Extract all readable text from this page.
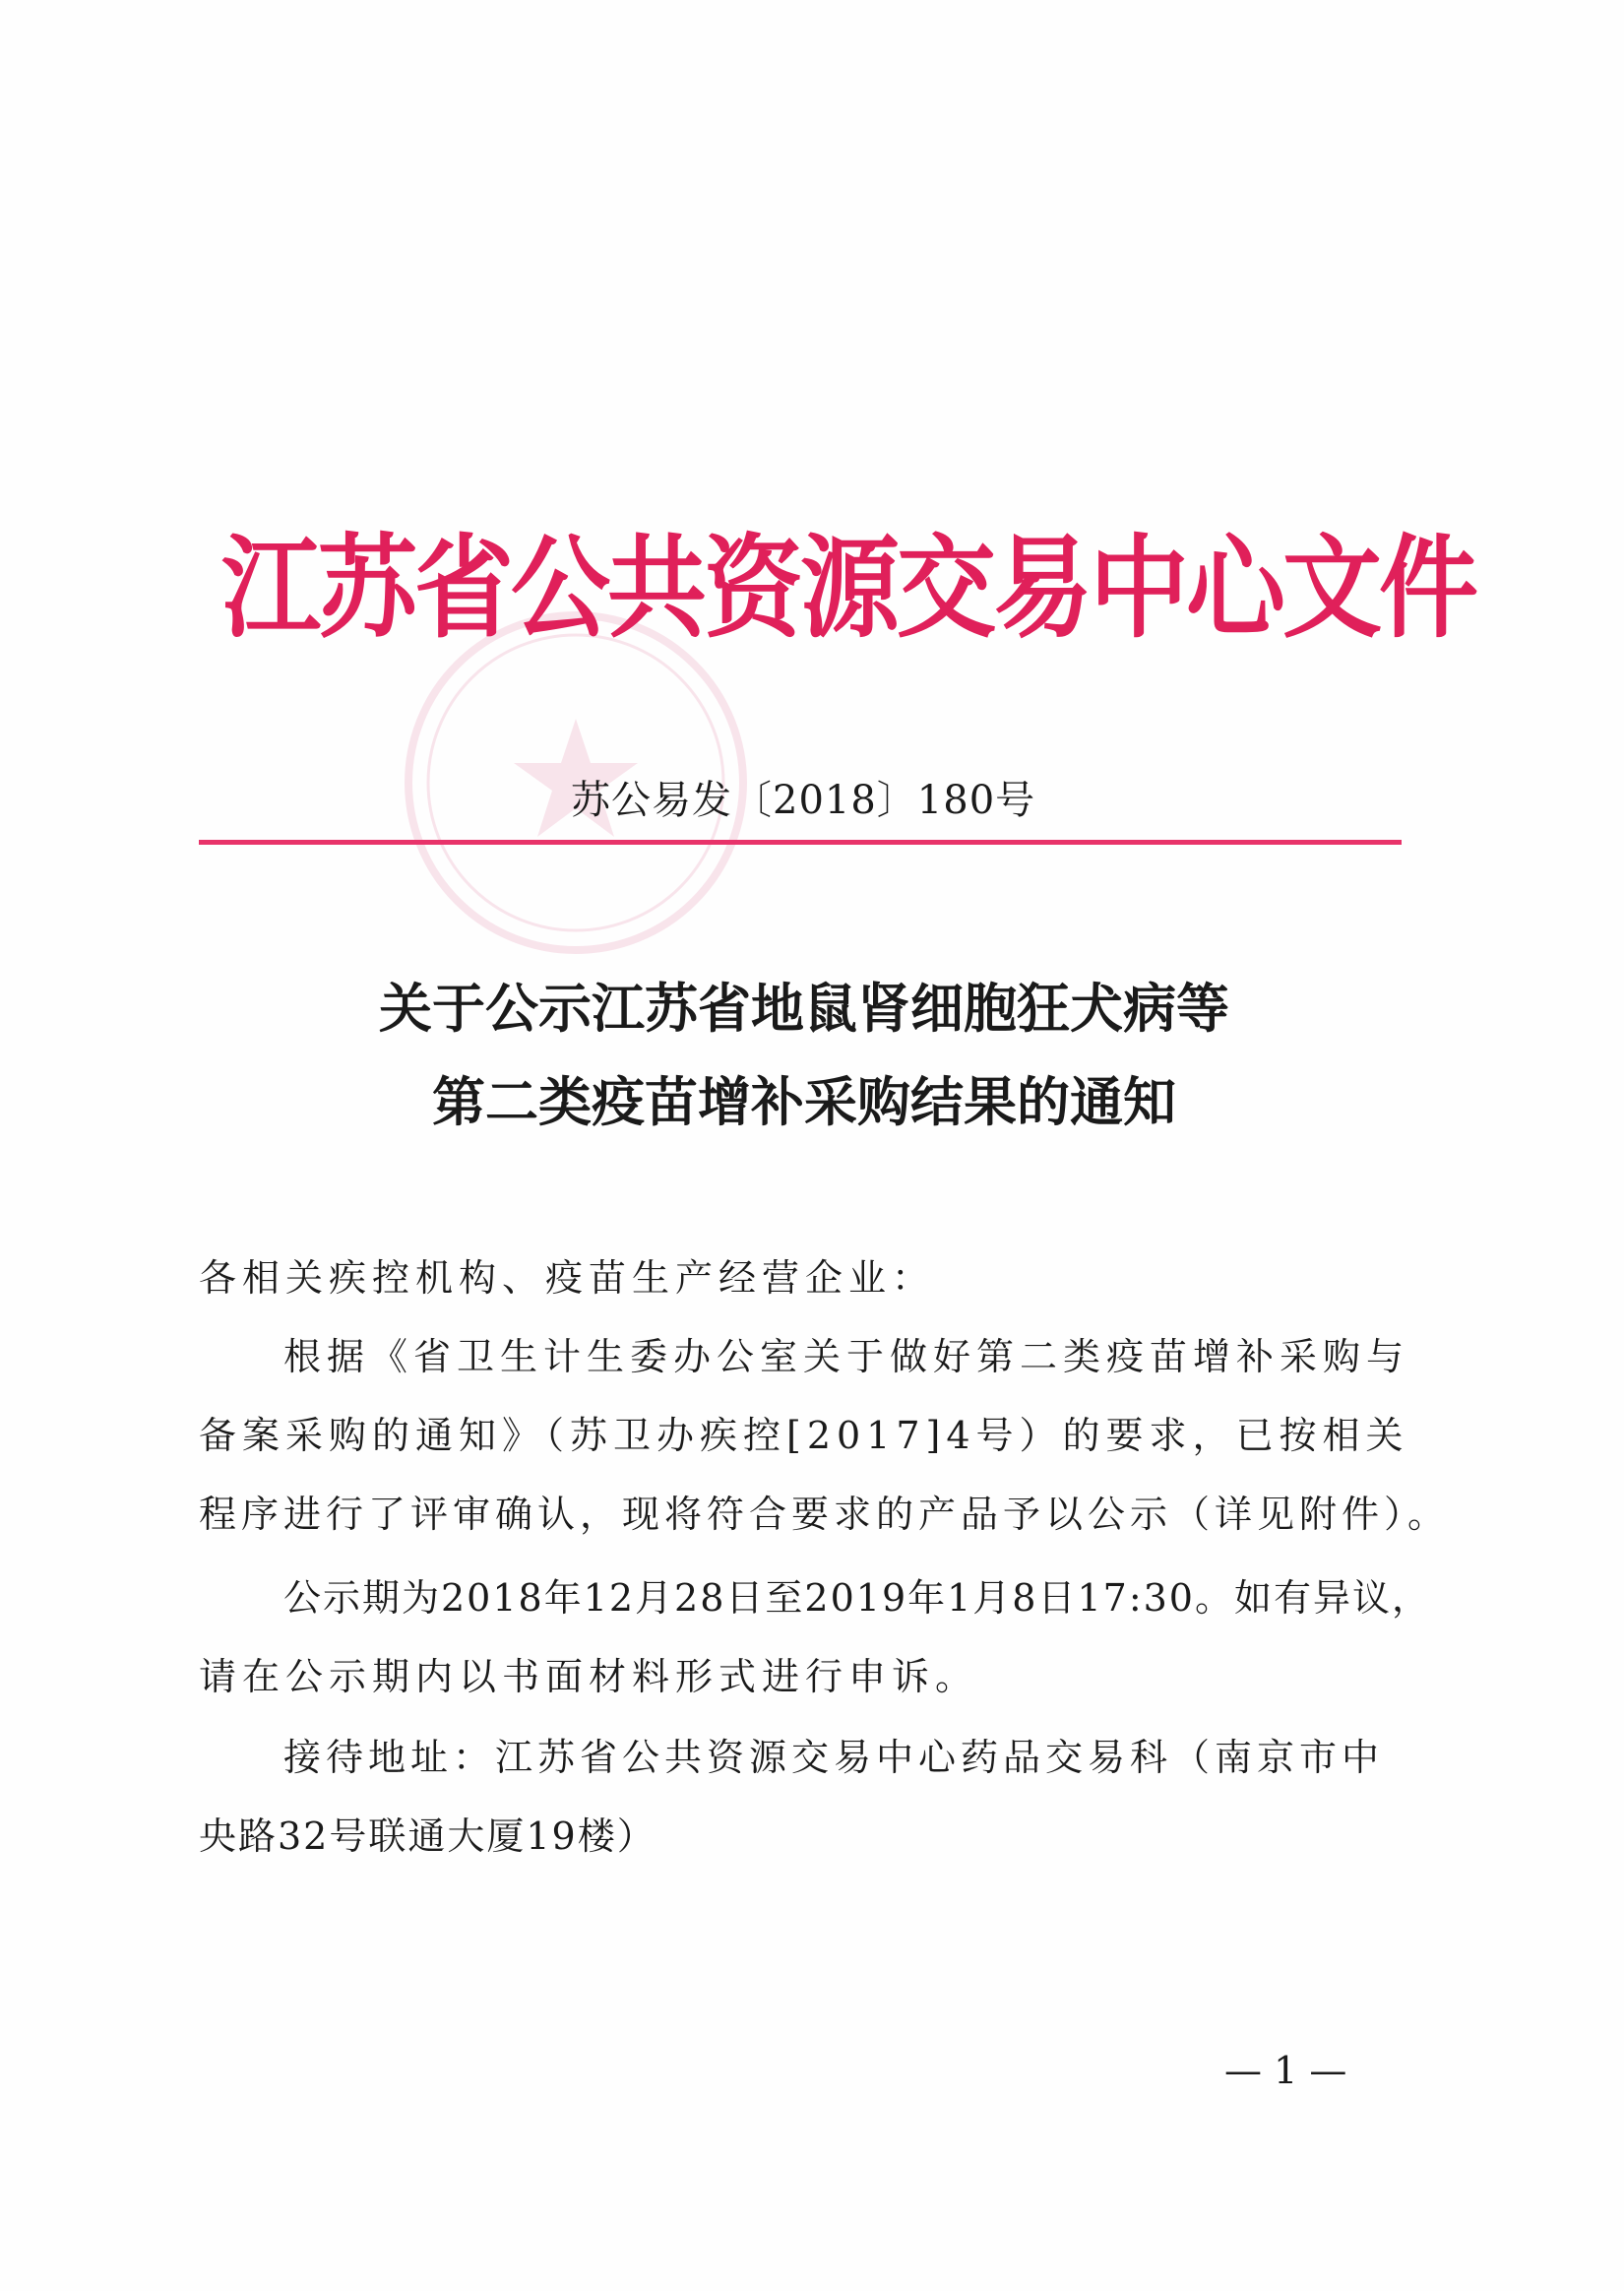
江苏省公共资源交易中心文件
苏公易发〔2018〕180号
关于公示江苏省地鼠肾细胞狂犬病等
第二类疫苗增补采购结果的通知
各相关疾控机构、疫苗生产经营企业：
根据《省卫生计生委办公室关于做好第二类疫苗增补采购与
备案采购的通知》（苏卫办疾控[2017]4号）的要求，已按相关
程序进行了评审确认，现将符合要求的产品予以公示（详见附件）。
公示期为2018年12月28日至2019年1月8日17:30。如有异议，
请在公示期内以书面材料形式进行申诉。
接待地址：江苏省公共资源交易中心药品交易科（南京市中
央路32号联通大厦19楼）
— 1 —
